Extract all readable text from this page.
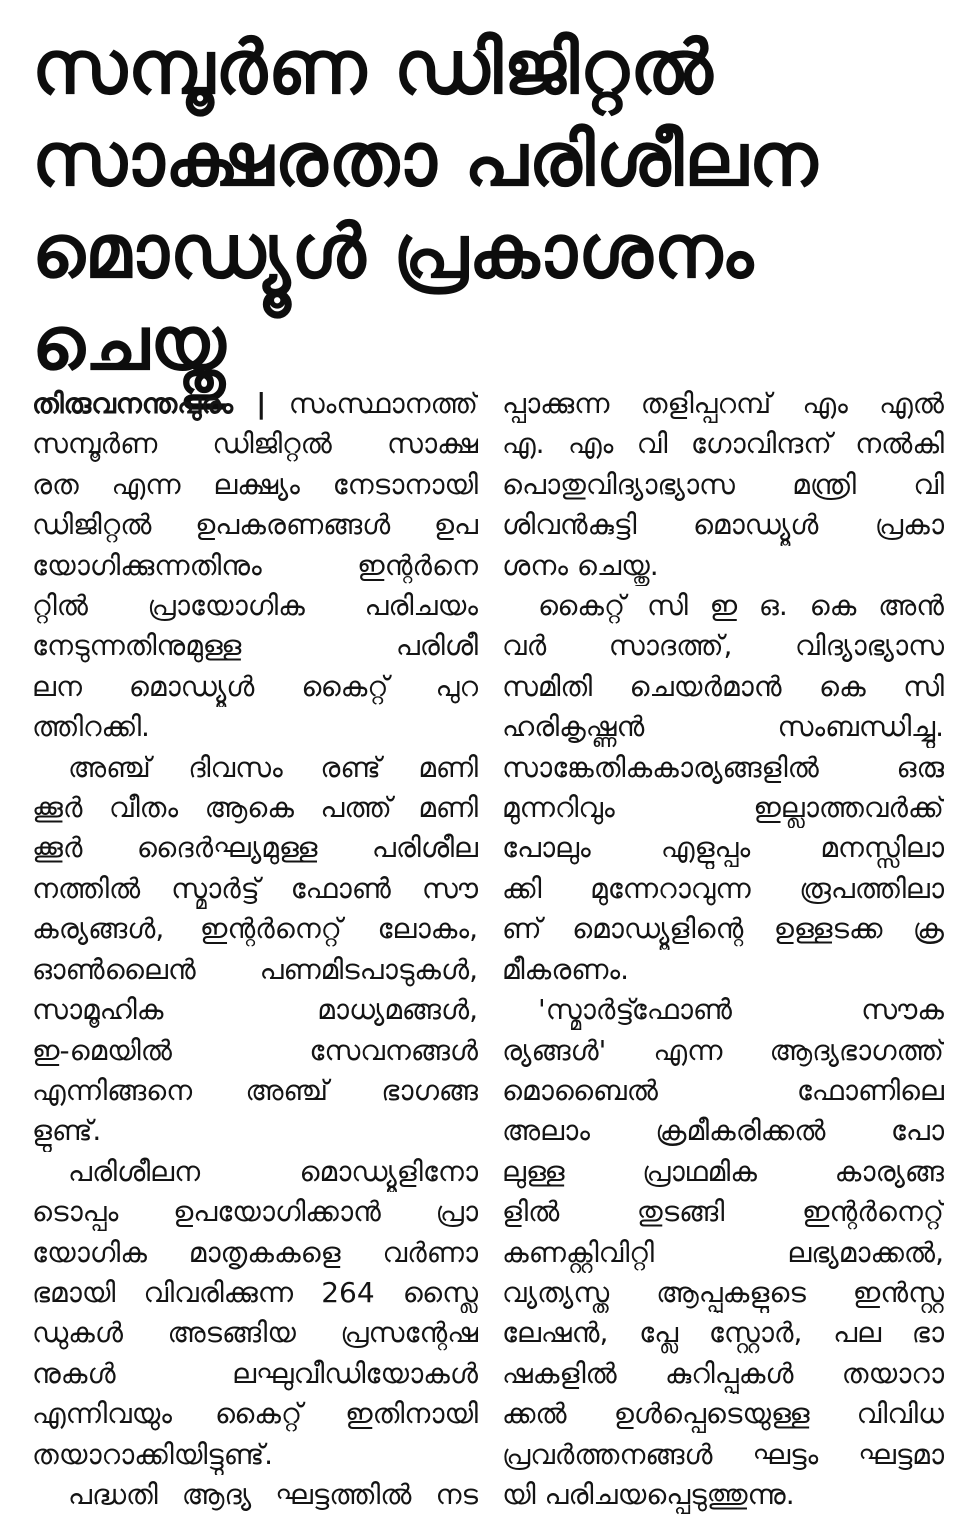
സമ്പൂർണ ഡിജിറ്റൽ
സാക്ഷരതാ പരിശീലന
മൊഡ്യൂൾ പ്രകാശനം
ചെയ്തു
തിരുവനന്തപുരം | സംസ്ഥാനത്ത്
സമ്പൂർണ ഡിജിറ്റൽ സാക്ഷ
രത എന്ന ലക്ഷ്യം നേടാനായി
ഡിജിറ്റൽ ഉപകരണങ്ങൾ ഉപ
യോഗിക്കുന്നതിനും ഇന്റർനെ
റ്റിൽ പ്രായോഗിക പരിചയം
നേടുന്നതിനുമുള്ള പരിശീ
ലന മൊഡ്യൂൾ കൈറ്റ് പുറ
ത്തിറക്കി.
അഞ്ച് ദിവസം രണ്ട് മണി
ക്കൂർ വീതം ആകെ പത്ത് മണി
ക്കൂർ ദൈർഘ്യമുള്ള പരിശീല
നത്തിൽ സ്മാർട്ട് ഫോൺ സൗ
കര്യങ്ങൾ, ഇന്റർനെറ്റ് ലോകം,
ഓൺലൈൻ പണമിടപാടുകൾ,
സാമൂഹിക മാധ്യമങ്ങൾ,
ഇ-മെയിൽ സേവനങ്ങൾ
എന്നിങ്ങനെ അഞ്ച് ഭാഗങ്ങ
ളുണ്ട്.
പരിശീലന മൊഡ്യൂളിനോ
ടൊപ്പം ഉപയോഗിക്കാൻ പ്രാ
യോഗിക മാതൃകകളെ വർണാ
ഭമായി വിവരിക്കുന്ന 264 സ്ലൈ
ഡുകൾ അടങ്ങിയ പ്രസന്റേഷ
നുകൾ ലഘുവീഡിയോകൾ
എന്നിവയും കൈറ്റ് ഇതിനായി
തയാറാക്കിയിട്ടുണ്ട്.
പദ്ധതി ആദ്യ ഘട്ടത്തിൽ നട
പ്പാക്കുന്ന തളിപ്പറമ്പ് എം എൽ
എ. എം വി ഗോവിന്ദന് നൽകി
പൊതുവിദ്യാഭ്യാസ മന്ത്രി വി
ശിവൻകുട്ടി മൊഡ്യൂൾ പ്രകാ
ശനം ചെയ്തു.
കൈറ്റ് സി ഇ ഒ. കെ അൻ
വർ സാദത്ത്, വിദ്യാഭ്യാസ
സമിതി ചെയർമാൻ കെ സി
ഹരികൃഷ്ണൻ സംബന്ധിച്ചു.
സാങ്കേതികകാര്യങ്ങളിൽ ഒരു
മുന്നറിവും ഇല്ലാത്തവർക്ക്
പോലും എളുപ്പം മനസ്സിലാ
ക്കി മുന്നേറാവുന്ന രൂപത്തിലാ
ണ് മൊഡ്യൂളിന്റെ ഉള്ളടക്ക ക്ര
മീകരണം.
'സ്മാർട്ട്ഫോൺ സൗക
ര്യങ്ങൾ' എന്ന ആദ്യഭാഗത്ത്
മൊബൈൽ ഫോണിലെ
അലാം ക്രമീകരിക്കൽ പോ
ലുള്ള പ്രാഥമിക കാര്യങ്ങ
ളിൽ തുടങ്ങി ഇന്റർനെറ്റ്
കണക്റ്റിവിറ്റി ലഭ്യമാക്കൽ,
വ്യത്യസ്ത ആപ്പുകളുടെ ഇൻസ്റ്റ
ലേഷൻ, പ്ലേ സ്റ്റോർ, പല ഭാ
ഷകളിൽ കുറിപ്പുകൾ തയാറാ
ക്കൽ ഉൾപ്പെടെയുള്ള വിവിധ
പ്രവർത്തനങ്ങൾ ഘട്ടം ഘട്ടമാ
യി പരിചയപ്പെടുത്തുന്നു.
